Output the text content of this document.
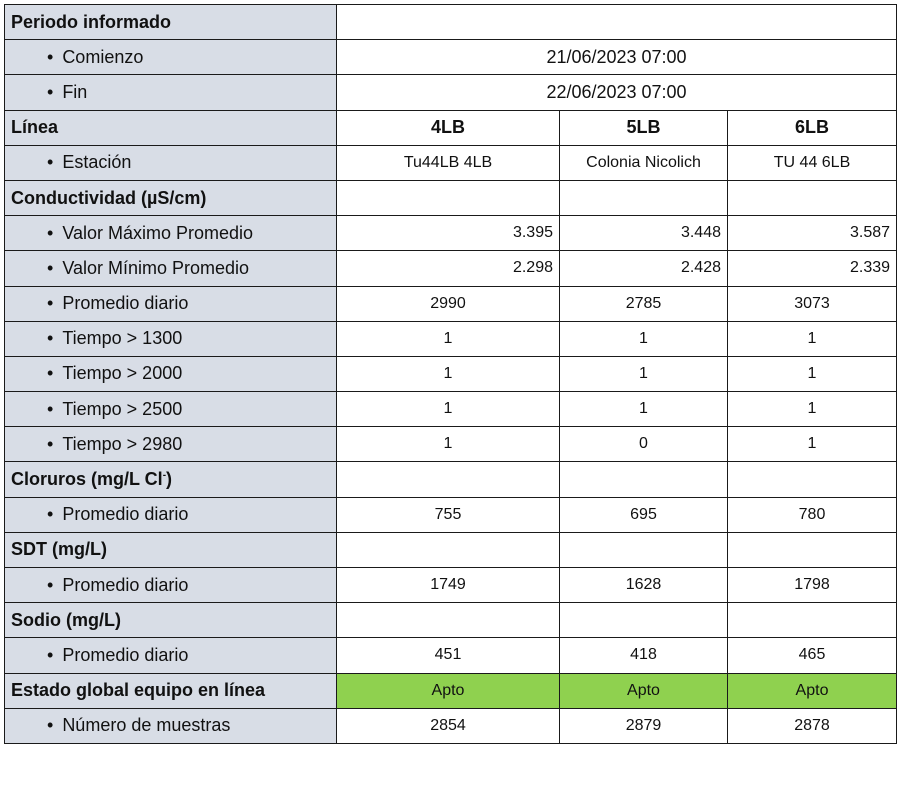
Periodo informado			
• Comienzo	21/06/2023 07:00		
• Fin	22/06/2023 07:00		
Línea	4LB	5LB	6LB
• Estación	Tu44LB 4LB	Colonia Nicolich	TU 44 6LB
Conductividad (µS/cm)			
• Valor Máximo Promedio	3.395	3.448	3.587
• Valor Mínimo Promedio	2.298	2.428	2.339
• Promedio diario	2990	2785	3073
• Tiempo > 1300	1	1	1
• Tiempo > 2000	1	1	1
• Tiempo > 2500	1	1	1
• Tiempo > 2980	1	0	1
Cloruros (mg/L Cl-)			
• Promedio diario	755	695	780
SDT (mg/L)			
• Promedio diario	1749	1628	1798
Sodio (mg/L)			
• Promedio diario	451	418	465
Estado global equipo en línea	Apto	Apto	Apto
• Número de muestras	2854	2879	2878
